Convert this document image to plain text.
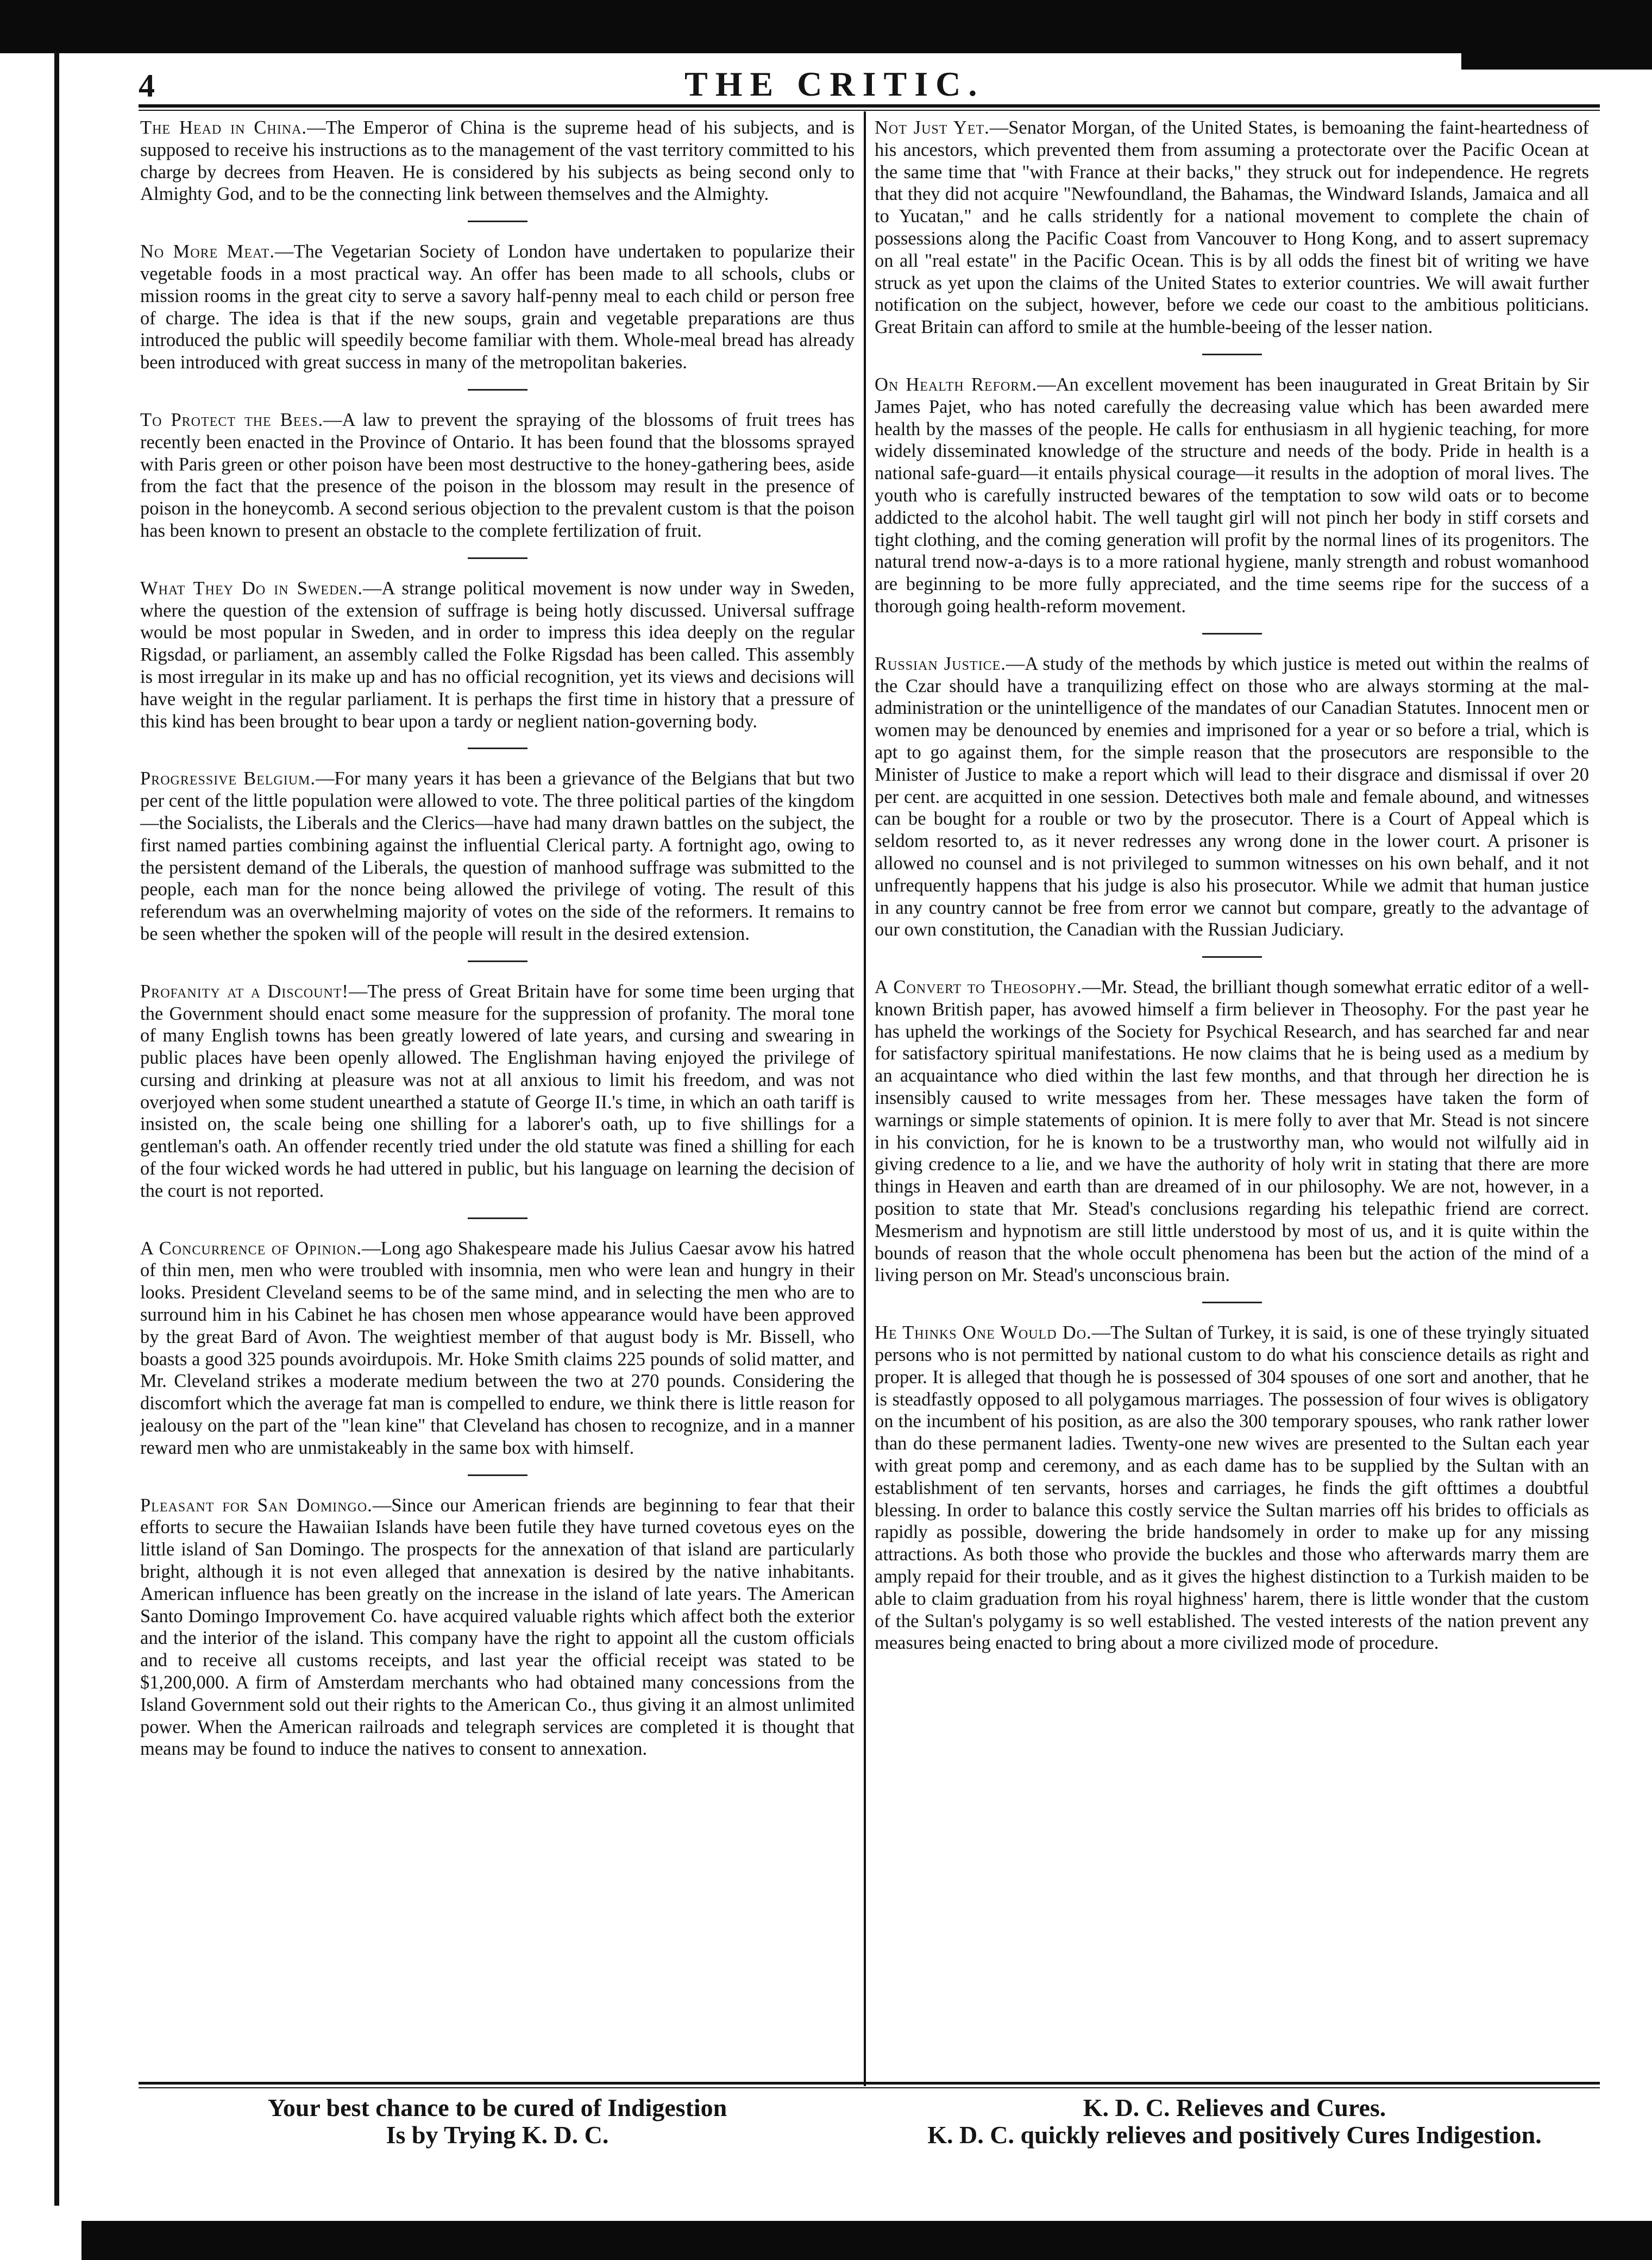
4	THE CRITIC.

The Head in China.—The Emperor of China is the supreme head of his subjects, and is supposed to receive his instructions as to the management of the vast territory committed to his charge by decrees from Heaven. He is considered by his subjects as being second only to Almighty God, and to be the connecting link between themselves and the Almighty.

No More Meat.—The Vegetarian Society of London have undertaken to popularize their vegetable foods in a most practical way. An offer has been made to all schools, clubs or mission rooms in the great city to serve a savory half-penny meal to each child or person free of charge. The idea is that if the new soups, grain and vegetable preparations are thus introduced the public will speedily become familiar with them. Whole-meal bread has already been introduced with great success in many of the metropolitan bakeries.

To Protect the Bees.—A law to prevent the spraying of the blossoms of fruit trees has recently been enacted in the Province of Ontario. It has been found that the blossoms sprayed with Paris green or other poison have been most destructive to the honey-gathering bees, aside from the fact that the presence of the poison in the blossom may result in the presence of poison in the honeycomb. A second serious objection to the prevalent custom is that the poison has been known to present an obstacle to the complete fertilization of fruit.

What They Do in Sweden.—A strange political movement is now under way in Sweden, where the question of the extension of suffrage is being hotly discussed. Universal suffrage would be most popular in Sweden, and in order to impress this idea deeply on the regular Rigsdad, or parliament, an assembly called the Folke Rigsdad has been called. This assembly is most irregular in its make up and has no official recognition, yet its views and decisions will have weight in the regular parliament. It is perhaps the first time in history that a pressure of this kind has been brought to bear upon a tardy or neglient nation-governing body.

Progressive Belgium.—For many years it has been a grievance of the Belgians that but two per cent of the little population were allowed to vote. The three political parties of the kingdom—the Socialists, the Liberals and the Clerics—have had many drawn battles on the subject, the first named parties combining against the influential Clerical party. A fortnight ago, owing to the persistent demand of the Liberals, the question of manhood suffrage was submitted to the people, each man for the nonce being allowed the privilege of voting. The result of this referendum was an overwhelming majority of votes on the side of the reformers. It remains to be seen whether the spoken will of the people will result in the desired extension.

Profanity at a Discount!—The press of Great Britain have for some time been urging that the Government should enact some measure for the suppression of profanity. The moral tone of many English towns has been greatly lowered of late years, and cursing and swearing in public places have been openly allowed. The Englishman having enjoyed the privilege of cursing and drinking at pleasure was not at all anxious to limit his freedom, and was not overjoyed when some student unearthed a statute of George II.'s time, in which an oath tariff is insisted on, the scale being one shilling for a laborer's oath, up to five shillings for a gentleman's oath. An offender recently tried under the old statute was fined a shilling for each of the four wicked words he had uttered in public, but his language on learning the decision of the court is not reported.

A Concurrence of Opinion.—Long ago Shakespeare made his Julius Caesar avow his hatred of thin men, men who were troubled with insomnia, men who were lean and hungry in their looks. President Cleveland seems to be of the same mind, and in selecting the men who are to surround him in his Cabinet he has chosen men whose appearance would have been approved by the great Bard of Avon. The weightiest member of that august body is Mr. Bissell, who boasts a good 325 pounds avoirdupois. Mr. Hoke Smith claims 225 pounds of solid matter, and Mr. Cleveland strikes a moderate medium between the two at 270 pounds. Considering the discomfort which the average fat man is compelled to endure, we think there is little reason for jealousy on the part of the "lean kine" that Cleveland has chosen to recognize, and in a manner reward men who are unmistakeably in the same box with himself.

Pleasant for San Domingo.—Since our American friends are beginning to fear that their efforts to secure the Hawaiian Islands have been futile they have turned covetous eyes on the little island of San Domingo. The prospects for the annexation of that island are particularly bright, although it is not even alleged that annexation is desired by the native inhabitants. American influence has been greatly on the increase in the island of late years. The American Santo Domingo Improvement Co. have acquired valuable rights which affect both the exterior and the interior of the island. This company have the right to appoint all the custom officials and to receive all customs receipts, and last year the official receipt was stated to be $1,200,000. A firm of Amsterdam merchants who had obtained many concessions from the Island Government sold out their rights to the American Co., thus giving it an almost unlimited power. When the American railroads and telegraph services are completed it is thought that means may be found to induce the natives to consent to annexation.

Not Just Yet.—Senator Morgan, of the United States, is bemoaning the faint-heartedness of his ancestors, which prevented them from assuming a protectorate over the Pacific Ocean at the same time that "with France at their backs," they struck out for independence. He regrets that they did not acquire "Newfoundland, the Bahamas, the Windward Islands, Jamaica and all to Yucatan," and he calls stridently for a national movement to complete the chain of possessions along the Pacific Coast from Vancouver to Hong Kong, and to assert supremacy on all "real estate" in the Pacific Ocean. This is by all odds the finest bit of writing we have struck as yet upon the claims of the United States to exterior countries. We will await further notification on the subject, however, before we cede our coast to the ambitious politicians. Great Britain can afford to smile at the humble-beeing of the lesser nation.

On Health Reform.—An excellent movement has been inaugurated in Great Britain by Sir James Pajet, who has noted carefully the decreasing value which has been awarded mere health by the masses of the people. He calls for enthusiasm in all hygienic teaching, for more widely disseminated knowledge of the structure and needs of the body. Pride in health is a national safe-guard—it entails physical courage—it results in the adoption of moral lives. The youth who is carefully instructed bewares of the temptation to sow wild oats or to become addicted to the alcohol habit. The well taught girl will not pinch her body in stiff corsets and tight clothing, and the coming generation will profit by the normal lines of its progenitors. The natural trend now-a-days is to a more rational hygiene, manly strength and robust womanhood are beginning to be more fully appreciated, and the time seems ripe for the success of a thorough going health-reform movement.

Russian Justice.—A study of the methods by which justice is meted out within the realms of the Czar should have a tranquilizing effect on those who are always storming at the mal-administration or the unintelligence of the mandates of our Canadian Statutes. Innocent men or women may be denounced by enemies and imprisoned for a year or so before a trial, which is apt to go against them, for the simple reason that the prosecutors are responsible to the Minister of Justice to make a report which will lead to their disgrace and dismissal if over 20 per cent. are acquitted in one session. Detectives both male and female abound, and witnesses can be bought for a rouble or two by the prosecutor. There is a Court of Appeal which is seldom resorted to, as it never redresses any wrong done in the lower court. A prisoner is allowed no counsel and is not privileged to summon witnesses on his own behalf, and it not unfrequently happens that his judge is also his prosecutor. While we admit that human justice in any country cannot be free from error we cannot but compare, greatly to the advantage of our own constitution, the Canadian with the Russian Judiciary.

A Convert to Theosophy.—Mr. Stead, the brilliant though somewhat erratic editor of a well-known British paper, has avowed himself a firm believer in Theosophy. For the past year he has upheld the workings of the Society for Psychical Research, and has searched far and near for satisfactory spiritual manifestations. He now claims that he is being used as a medium by an acquaintance who died within the last few months, and that through her direction he is insensibly caused to write messages from her. These messages have taken the form of warnings or simple statements of opinion. It is mere folly to aver that Mr. Stead is not sincere in his conviction, for he is known to be a trustworthy man, who would not wilfully aid in giving credence to a lie, and we have the authority of holy writ in stating that there are more things in Heaven and earth than are dreamed of in our philosophy. We are not, however, in a position to state that Mr. Stead's conclusions regarding his telepathic friend are correct. Mesmerism and hypnotism are still little understood by most of us, and it is quite within the bounds of reason that the whole occult phenomena has been but the action of the mind of a living person on Mr. Stead's unconscious brain.

He Thinks One Would Do.—The Sultan of Turkey, it is said, is one of these tryingly situated persons who is not permitted by national custom to do what his conscience details as right and proper. It is alleged that though he is possessed of 304 spouses of one sort and another, that he is steadfastly opposed to all polygamous marriages. The possession of four wives is obligatory on the incumbent of his position, as are also the 300 temporary spouses, who rank rather lower than do these permanent ladies. Twenty-one new wives are presented to the Sultan each year with great pomp and ceremony, and as each dame has to be supplied by the Sultan with an establishment of ten servants, horses and carriages, he finds the gift ofttimes a doubtful blessing. In order to balance this costly service the Sultan marries off his brides to officials as rapidly as possible, dowering the bride handsomely in order to make up for any missing attractions. As both those who provide the buckles and those who afterwards marry them are amply repaid for their trouble, and as it gives the highest distinction to a Turkish maiden to be able to claim graduation from his royal highness' harem, there is little wonder that the custom of the Sultan's polygamy is so well established. The vested interests of the nation prevent any measures being enacted to bring about a more civilized mode of procedure.

Your best chance to be cured of Indigestion
Is by Trying K. D. C.
K. D. C. Relieves and Cures.
K. D. C. quickly relieves and positively Cures Indigestion.
